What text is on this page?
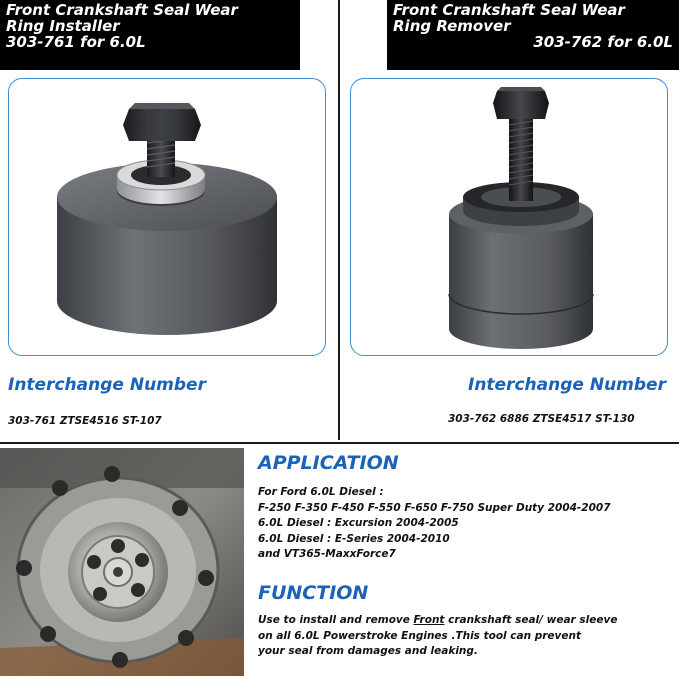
Front Crankshaft Seal Wear
Ring Installer
303-761 for 6.0L
Front Crankshaft Seal Wear
Ring Remover
303-762 for 6.0L
Interchange Number
303-761 ZTSE4516 ST-107
Interchange Number
303-762 6886 ZTSE4517 ST-130
APPLICATION
For Ford 6.0L Diesel :
F-250 F-350 F-450 F-550 F-650 F-750 Super Duty 2004-2007
6.0L Diesel : Excursion 2004-2005
6.0L Diesel : E-Series 2004-2010
and VT365-MaxxForce7
FUNCTION
Use to install and remove Front crankshaft seal/ wear sleeve
on all 6.0L Powerstroke Engines .This tool can prevent
your seal from damages and leaking.
